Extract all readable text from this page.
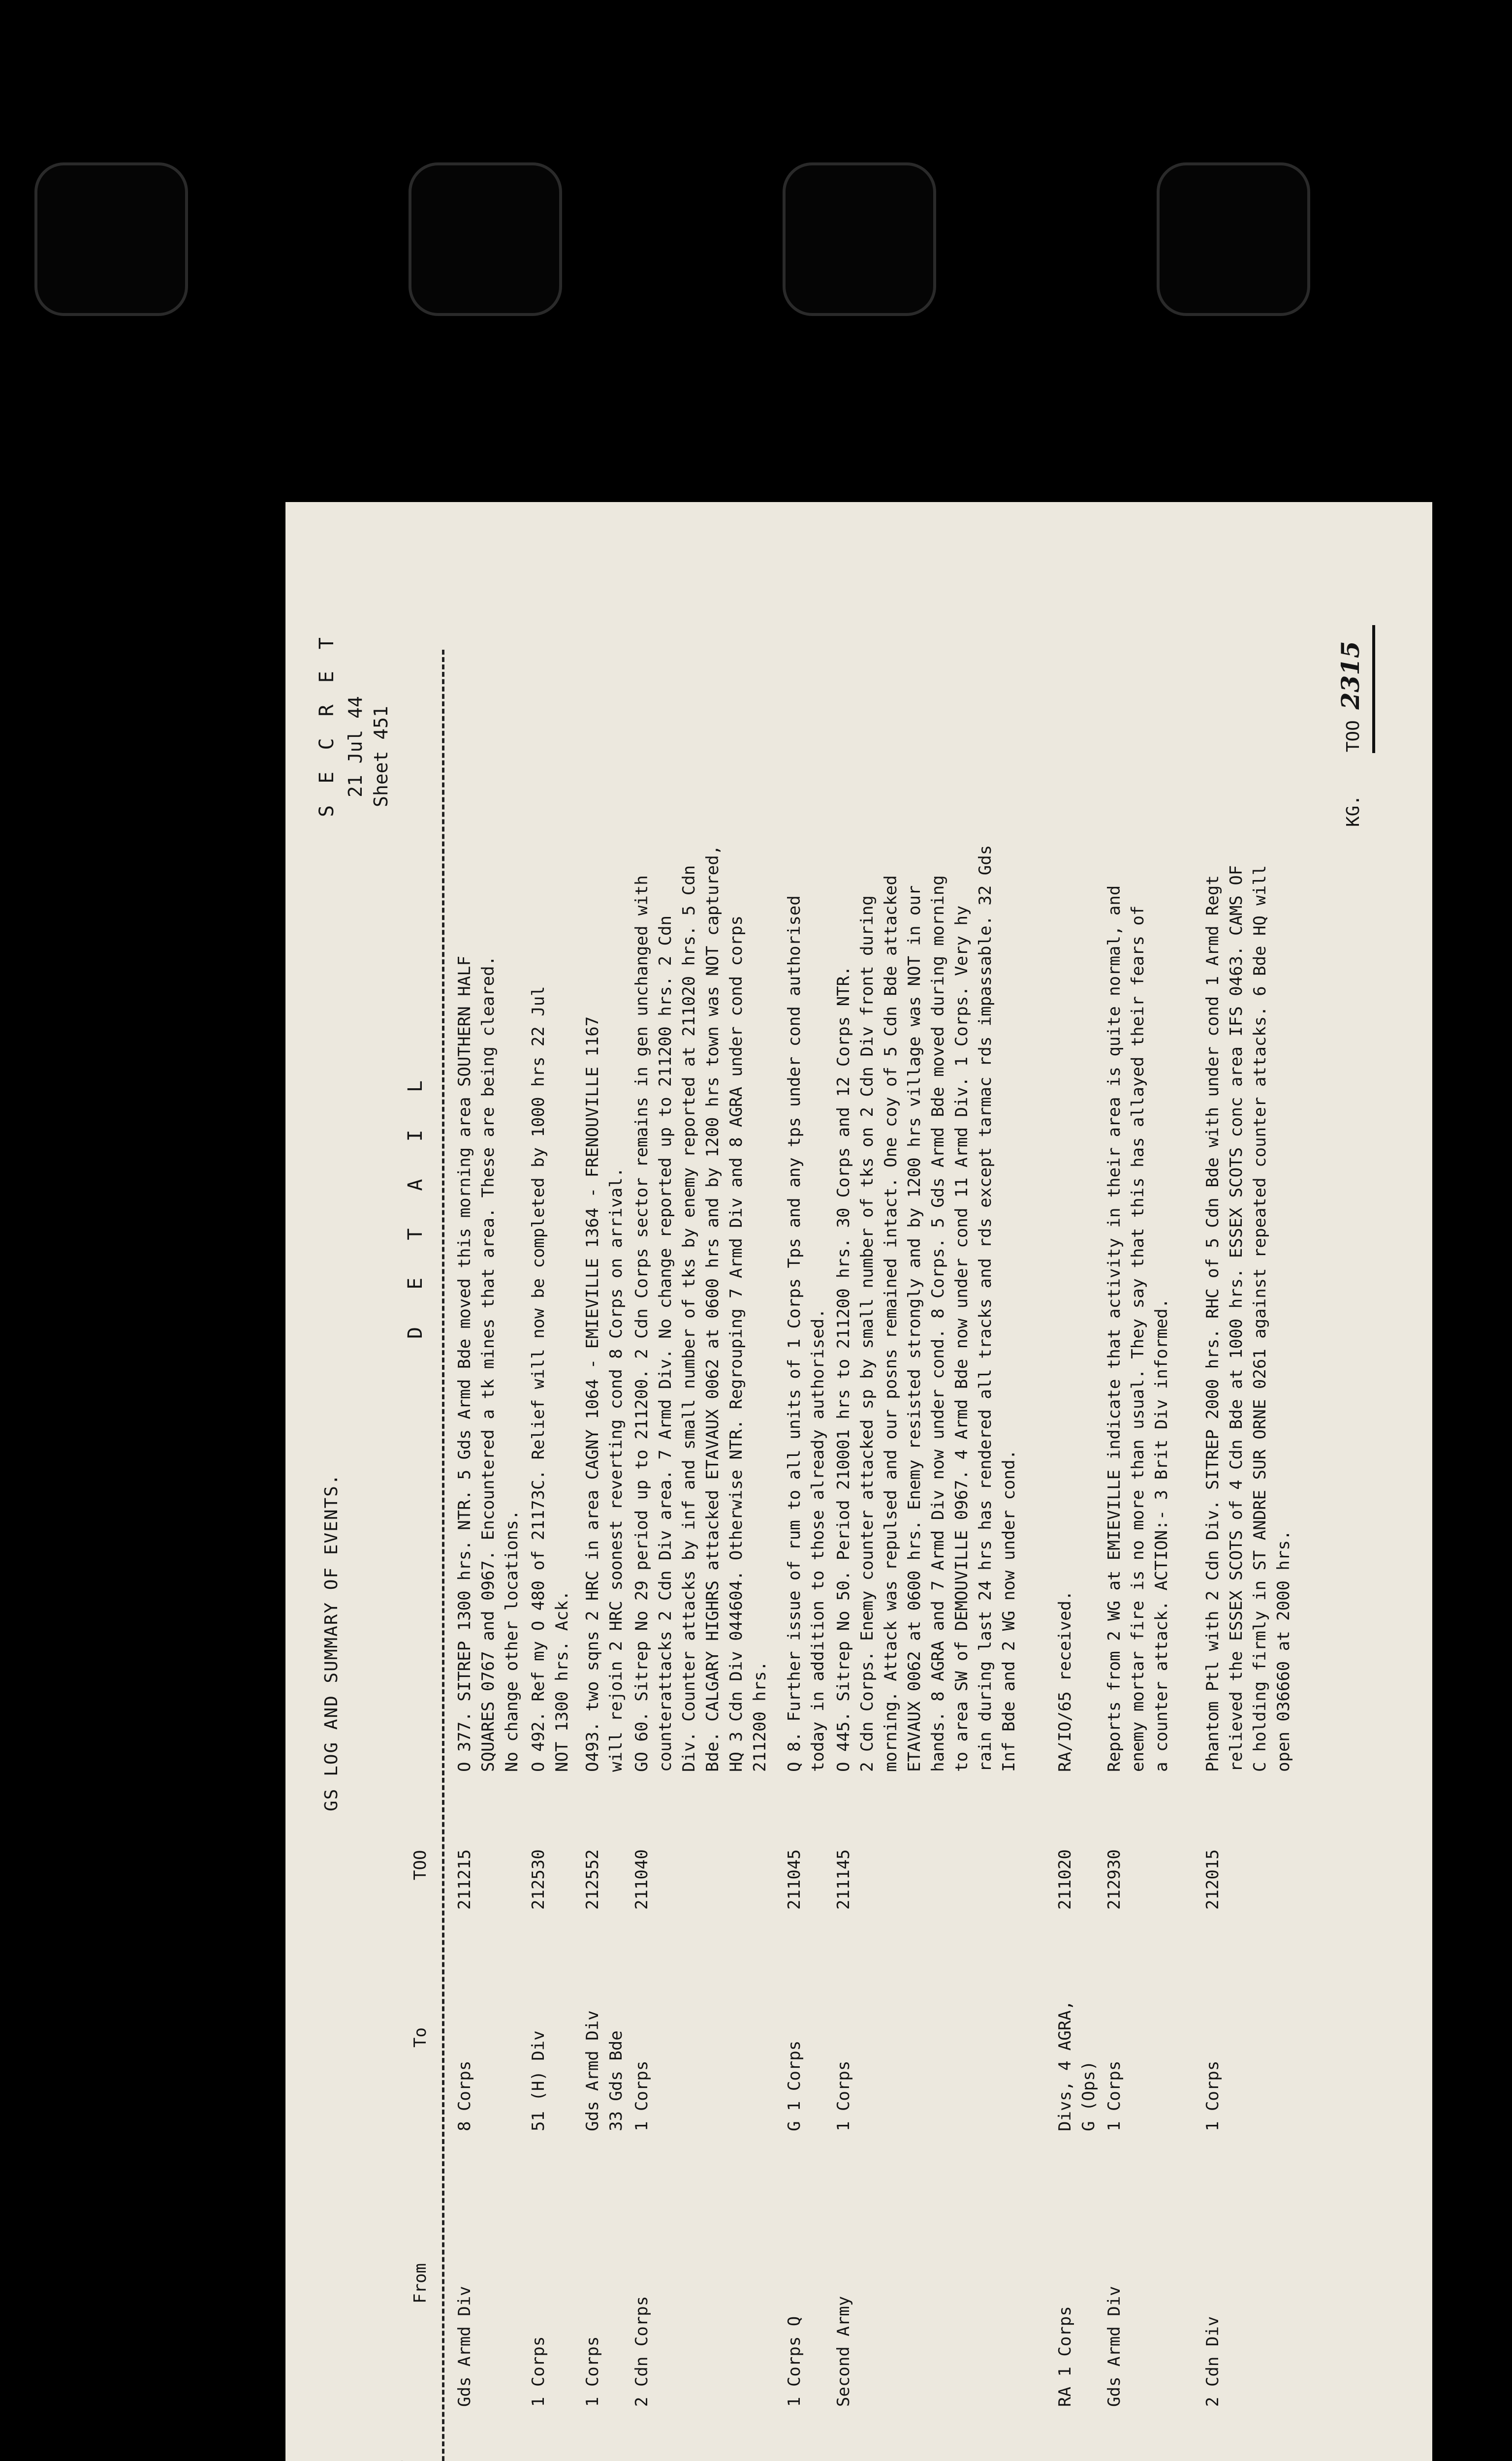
GS LOG AND SUMMARY OF EVENTS.
S E C R E T 21 Jul 44 Sheet 451
From
To
TOO
D E T A I L
Gds Armd Div
8 Corps
211215
O 377. SITREP 1300 hrs. NTR. 5 Gds Armd Bde moved this morning area SOUTHERN HALF SQUARES 0767 and 0967. Encountered a tk mines that area. These are being cleared. No change other locations.
1 Corps
51 (H) Div
212530
O 492. Ref my O 480 of 21173C. Relief will now be completed by 1000 hrs 22 Jul NOT 1300 hrs. Ack.
1 Corps
Gds Armd Div 33 Gds Bde
212552
O493. two sqns 2 HRC in area CAGNY 1064 - EMIEVILLE 1364 - FRENOUVILLE 1167 will rejoin 2 HRC soonest reverting cond 8 Corps on arrival.
2 Cdn Corps
1 Corps
211040
GO 60. Sitrep No 29 period up to 211200. 2 Cdn Corps sector remains in gen unchanged with counterattacks 2 Cdn Div area. 7 Armd Div. No change reported up to 211200 hrs. 2 Cdn Div. Counter attacks by inf and small number of tks by enemy reported at 211020 hrs. 5 Cdn Bde. CALGARY HIGHRS attacked ETAVAUX 0062 at 0600 hrs and by 1200 hrs town was NOT captured, HQ 3 Cdn Div 044604. Otherwise NTR. Regrouping 7 Armd Div and 8 AGRA under cond corps 211200 hrs.
1 Corps Q
G 1 Corps
211045
Q 8. Further issue of rum to all units of 1 Corps Tps and any tps under cond authorised today in addition to those already authorised.
Second Army
1 Corps
211145
O 445. Sitrep No 50. Period 210001 hrs to 211200 hrs. 30 Corps and 12 Corps NTR. 2 Cdn Corps. Enemy counter attacked sp by small number of tks on 2 Cdn Div front during morning. Attack was repulsed and our posns remained intact. One coy of 5 Cdn Bde attacked ETAVAUX 0062 at 0600 hrs. Enemy resisted strongly and by 1200 hrs village was NOT in our hands. 8 AGRA and 7 Armd Div now under cond. 8 Corps. 5 Gds Armd Bde moved during morning to area SW of DEMOUVILLE 0967. 4 Armd Bde now under cond 11 Armd Div. 1 Corps. Very hy rain during last 24 hrs has rendered all tracks and rds except tarmac rds impassable. 32 Gds Inf Bde and 2 WG now under cond.
RA 1 Corps
Divs, 4 AGRA, G (Ops)
211020
RA/IO/65 received.
Gds Armd Div
1 Corps
212930
Reports from 2 WG at EMIEVILLE indicate that activity in their area is quite normal, and enemy mortar fire is no more than usual. They say that this has allayed their fears of a counter attack. ACTION:- 3 Brit Div informed.
2 Cdn Div
1 Corps
212015
Phantom Ptl with 2 Cdn Div. SITREP 2000 hrs. RHC of 5 Cdn Bde with under cond 1 Armd Regt relieved the ESSEX SCOTS of 4 Cdn Bde at 1000 hrs. ESSEX SCOTS conc area IFS 0463. CAMS OF C holding firmly in ST ANDRE SUR ORNE 0261 against repeated counter attacks. 6 Bde HQ will open 036660 at 2000 hrs.
KG.    TOO 2315
